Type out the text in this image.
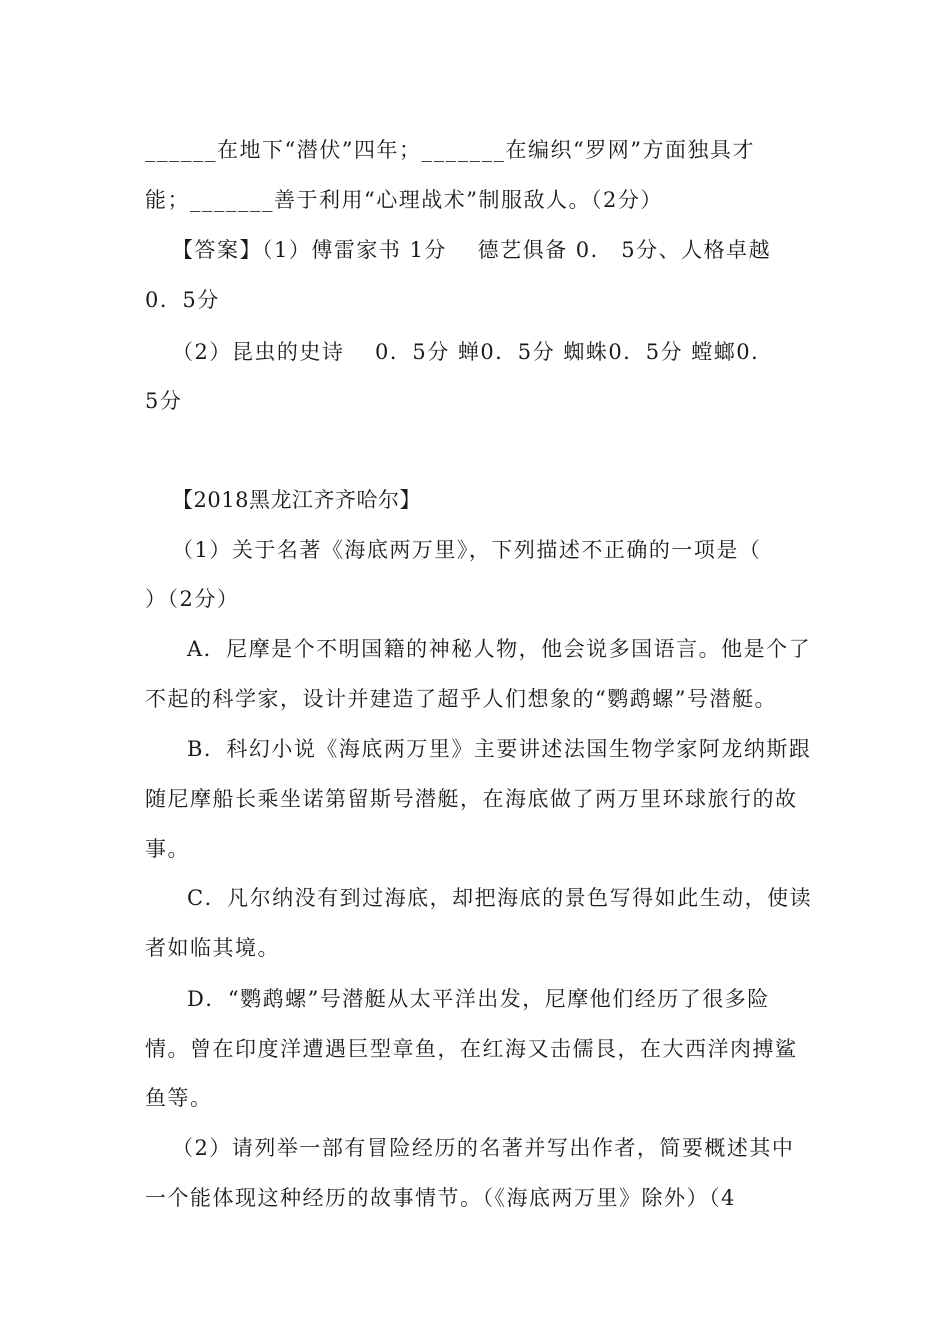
______在地下“潜伏”四年；_______在编织“罗网”方面独具才
能；_______善于利用“心理战术”制服敌人。（2分）
【答案】（1）傅雷家书 1分　 德艺俱备 0． 5分、人格卓越
0．5分
（2）昆虫的史诗　 0．5分 蝉0．5分 蜘蛛0．5分 螳螂0．
5分
【2018黑龙江齐齐哈尔】
（1）关于名著《海底两万里》，下列描述不正确的一项是（
）（2分）
A．尼摩是个不明国籍的神秘人物，他会说多国语言。他是个了
不起的科学家，设计并建造了超乎人们想象的“鹦鹉螺”号潜艇。
B．科幻小说《海底两万里》主要讲述法国生物学家阿龙纳斯跟
随尼摩船长乘坐诺第留斯号潜艇，在海底做了两万里环球旅行的故
事。
C．凡尔纳没有到过海底，却把海底的景色写得如此生动，使读
者如临其境。
D．“鹦鹉螺”号潜艇从太平洋出发，尼摩他们经历了很多险
情。曾在印度洋遭遇巨型章鱼，在红海又击儒艮，在大西洋肉搏鲨
鱼等。
（2）请列举一部有冒险经历的名著并写出作者，简要概述其中
一个能体现这种经历的故事情节。（《海底两万里》除外）（4
